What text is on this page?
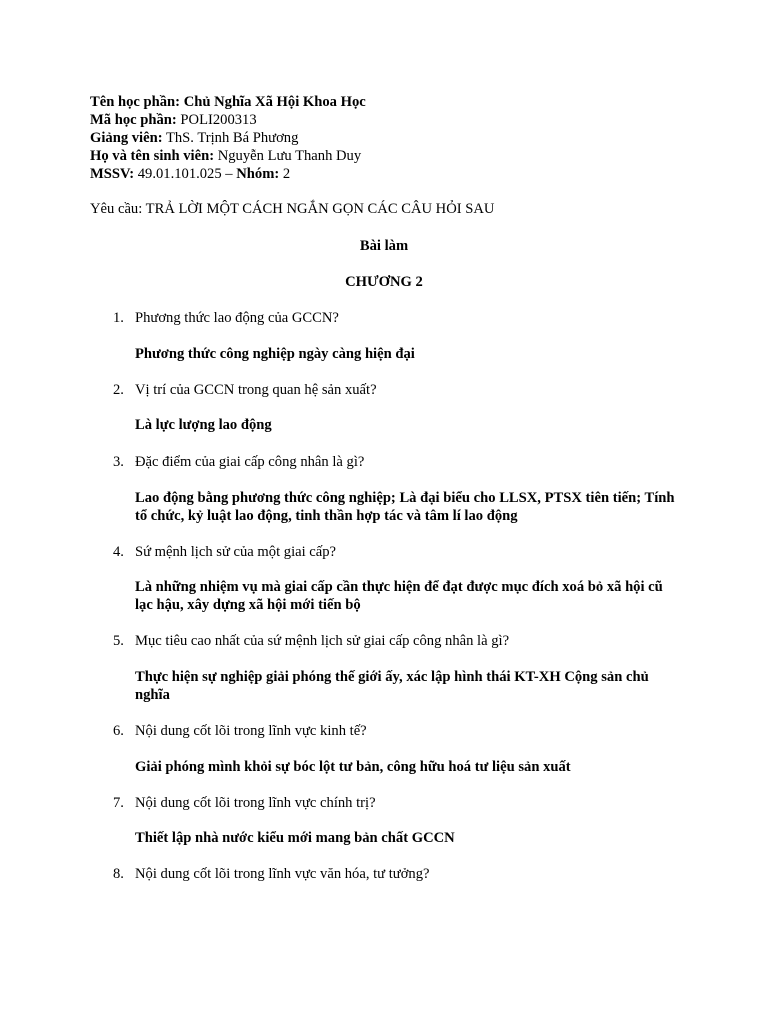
Tên học phần: Chủ Nghĩa Xã Hội Khoa Học
Mã học phần: POLI200313
Giảng viên: ThS. Trịnh Bá Phương
Họ và tên sinh viên: Nguyễn Lưu Thanh Duy
MSSV: 49.01.101.025 – Nhóm: 2
Yêu cầu: TRẢ LỜI MỘT CÁCH NGẮN GỌN CÁC CÂU HỎI SAU
Bài làm
CHƯƠNG 2
1. Phương thức lao động của GCCN?
Phương thức công nghiệp ngày càng hiện đại
2. Vị trí của GCCN trong quan hệ sản xuất?
Là lực lượng lao động
3. Đặc điểm của giai cấp công nhân là gì?
Lao động bằng phương thức công nghiệp; Là đại biểu cho LLSX, PTSX tiên tiến; Tính tổ chức, kỷ luật lao động, tinh thần hợp tác và tâm lí lao động
4. Sứ mệnh lịch sử của một giai cấp?
Là những nhiệm vụ mà giai cấp cần thực hiện để đạt được mục đích xoá bỏ xã hội cũ lạc hậu, xây dựng xã hội mới tiến bộ
5. Mục tiêu cao nhất của sứ mệnh lịch sử giai cấp công nhân là gì?
Thực hiện sự nghiệp giải phóng thế giới ấy, xác lập hình thái KT-XH Cộng sản chủ nghĩa
6. Nội dung cốt lõi trong lĩnh vực kinh tế?
Giải phóng mình khỏi sự bóc lột tư bản, công hữu hoá tư liệu sản xuất
7. Nội dung cốt lõi trong lĩnh vực chính trị?
Thiết lập nhà nước kiểu mới mang bản chất GCCN
8. Nội dung cốt lõi trong lĩnh vực văn hóa, tư tưởng?
